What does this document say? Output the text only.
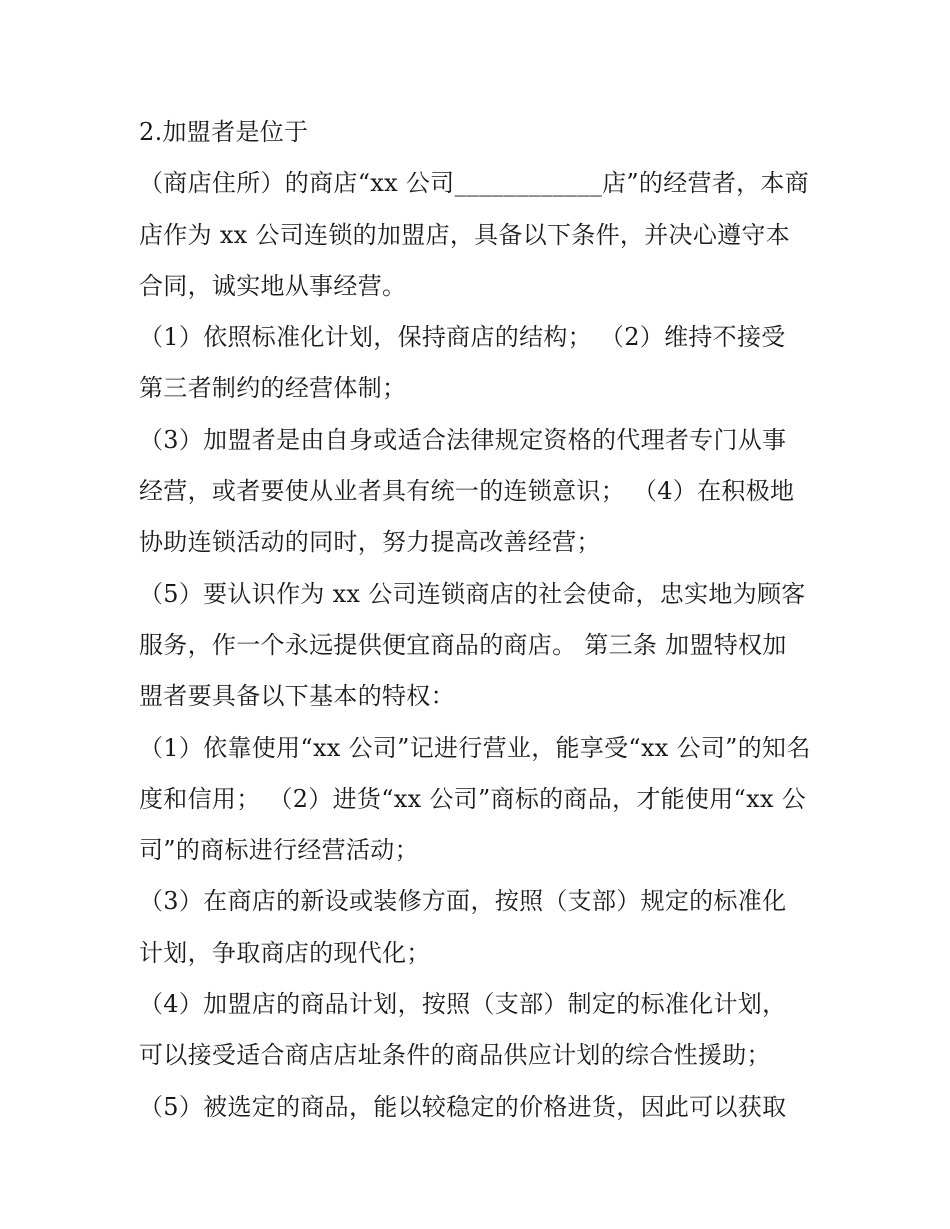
2.加盟者是位于
（商店住所）的商店“xx 公司____________店”的经营者，本商
店作为 xx 公司连锁的加盟店，具备以下条件，并决心遵守本
合同，诚实地从事经营。
（1）依照标准化计划，保持商店的结构； （2）维持不接受
第三者制约的经营体制；
（3）加盟者是由自身或适合法律规定资格的代理者专门从事
经营，或者要使从业者具有统一的连锁意识； （4）在积极地
协助连锁活动的同时，努力提高改善经营；
（5）要认识作为 xx 公司连锁商店的社会使命，忠实地为顾客
服务，作一个永远提供便宜商品的商店。 第三条 加盟特权加
盟者要具备以下基本的特权：
（1）依靠使用“xx 公司”记进行营业，能享受“xx 公司”的知名
度和信用； （2）进货“xx 公司”商标的商品，才能使用“xx 公
司”的商标进行经营活动；
（3）在商店的新设或装修方面，按照（支部）规定的标准化
计划，争取商店的现代化；
（4）加盟店的商品计划，按照（支部）制定的标准化计划，
可以接受适合商店店址条件的商品供应计划的综合性援助；
（5）被选定的商品，能以较稳定的价格进货，因此可以获取
